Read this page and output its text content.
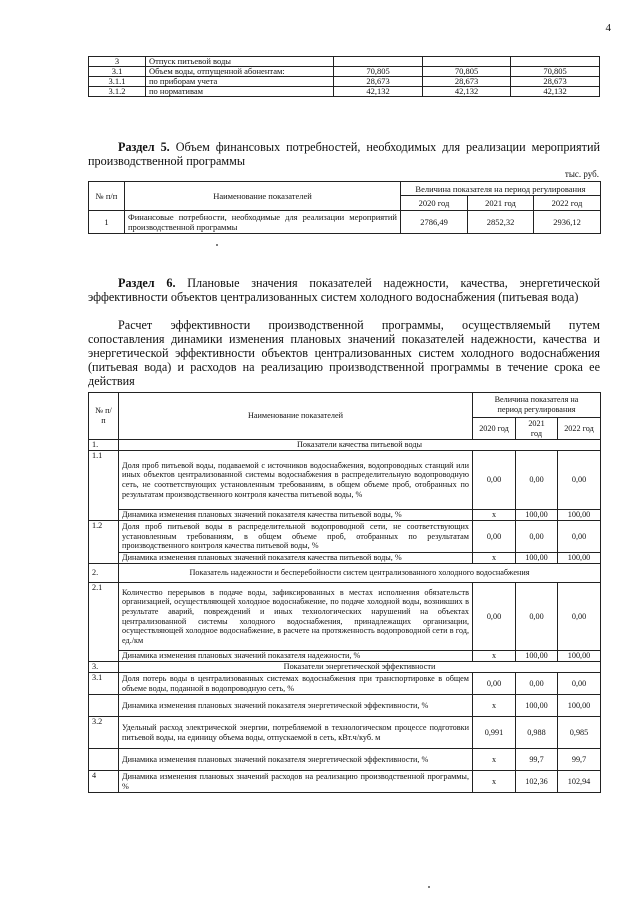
4
3	Отпуск питьевой воды			
3.1	Объем воды, отпущенной абонентам:	70,805	70,805	70,805
3.1.1	по приборам учета	28,673	28,673	28,673
3.1.2	по нормативам	42,132	42,132	42,132
Раздел 5. Объем финансовых потребностей, необходимых для реализации мероприятий производственной программы
тыс. руб.
№ п/п	Наименование показателей	Величина показателя на период регулирования		
		2020 год	2021 год	2022 год
1	Финансовые потребности, необходимые для реализации мероприятий производственной программы	2786,49	2852,32	2936,12
Раздел 6. Плановые значения показателей надежности, качества, энергетической эффективности объектов централизованных систем холодного водоснабжения (питьевая вода)
Расчет эффективности производственной программы, осуществляемый путем сопоставления динамики изменения плановых значений показателей надежности, качества и энергетической эффективности объектов централизованных систем холодного водоснабжения (питьевая вода) и расходов на реализацию производственной программы в течение срока ее действия
№ п/п	Наименование показателей	Величина показателя на период регулирования		
		2020 год	2021 год	2022 год
1.	Показатели качества питьевой воды			
1.1	Доля проб питьевой воды, подаваемой с источников водоснабжения, водопроводных станций или иных объектов централизованной системы водоснабжения в распределительную водопроводную сеть, не соответствующих установленным требованиям, в общем объеме проб, отобранных по результатам производственного контроля качества питьевой воды, %	0,00	0,00	0,00
	Динамика изменения плановых значений показателя качества питьевой воды, %	х	100,00	100,00
1.2	Доля проб питьевой воды в распределительной водопроводной сети, не соответствующих установленным требованиям, в общем объеме проб, отобранных по результатам производственного контроля качества питьевой воды, %	0,00	0,00	0,00
	Динамика изменения плановых значений показателя качества питьевой воды, %	х	100,00	100,00
2.	Показатель надежности и бесперебойности систем централизованного холодного водоснабжения			
2.1	Количество перерывов в подаче воды, зафиксированных в местах исполнения обязательств организацией, осуществляющей холодное водоснабжение, по подаче холодной воды, возникших в результате аварий, повреждений и иных технологических нарушений на объектах централизованной системы холодного водоснабжения, принадлежащих организации, осуществляющей холодное водоснабжение, в расчете на протяженность водопроводной сети в год, ед./км	0,00	0,00	0,00
	Динамика изменения плановых значений показателя надежности, %	х	100,00	100,00
3.	Показатели энергетической эффективности			
3.1	Доля потерь воды в централизованных системах водоснабжения при транспортировке в общем объеме воды, поданной в водопроводную сеть, %	0,00	0,00	0,00
	Динамика изменения плановых значений показателя энергетической эффективности, %	х	100,00	100,00
3.2	Удельный расход электрической энергии, потребляемой в технологическом процессе подготовки питьевой воды, на единицу объема воды, отпускаемой в сеть, кВт.ч/куб. м	0,991	0,988	0,985
	Динамика изменения плановых значений показателя энергетической эффективности, %	х	99,7	99,7
4	Динамика изменения плановых значений расходов на реализацию производственной программы, %	х	102,36	102,94
